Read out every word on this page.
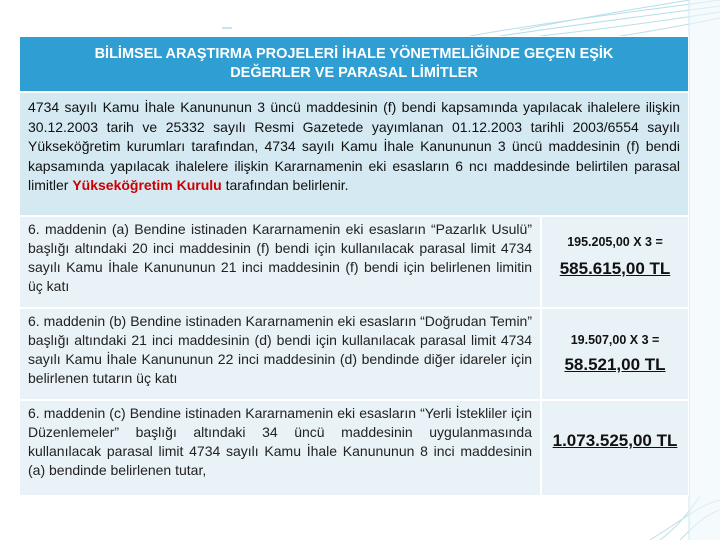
BİLİMSEL ARAŞTIRMA PROJELERİ İHALE YÖNETMELİĞİNDE GEÇEN EŞİK
DEĞERLER VE PARASAL LİMİTLER
4734 sayılı Kamu İhale Kanununun 3 üncü maddesinin (f) bendi kapsamında yapılacak ihalelere ilişkin 30.12.2003 tarih ve 25332 sayılı Resmi Gazetede yayımlanan 01.12.2003 tarihli 2003/6554 sayılı Yükseköğretim kurumları tarafından, 4734 sayılı Kamu İhale Kanununun 3 üncü maddesinin (f) bendi kapsamında yapılacak ihalelere ilişkin Kararnamenin eki esasların 6 ncı maddesinde belirtilen parasal limitler Yükseköğretim Kurulu tarafından belirlenir.
6. maddenin (a) Bendine istinaden Kararnamenin eki esasların “Pazarlık Usulü” başlığı altındaki 20 inci maddesinin (f) bendi için kullanılacak parasal limit 4734 sayılı Kamu İhale Kanununun 21 inci maddesinin (f) bendi için belirlenen limitin üç katı
195.205,00 X 3 =
585.615,00 TL
6. maddenin (b) Bendine istinaden Kararnamenin eki esasların “Doğrudan Temin” başlığı altındaki 21 inci maddesinin (d) bendi için kullanılacak parasal limit 4734 sayılı Kamu İhale Kanununun 22 inci maddesinin (d) bendinde diğer idareler için belirlenen tutarın üç katı
19.507,00 X 3 =
58.521,00 TL
6. maddenin (c) Bendine istinaden Kararnamenin eki esasların “Yerli İstekliler için Düzenlemeler” başlığı altındaki 34 üncü maddesinin uygulanmasında kullanılacak parasal limit 4734 sayılı Kamu İhale Kanununun 8 inci maddesinin (a) bendinde belirlenen tutar,
1.073.525,00 TL
